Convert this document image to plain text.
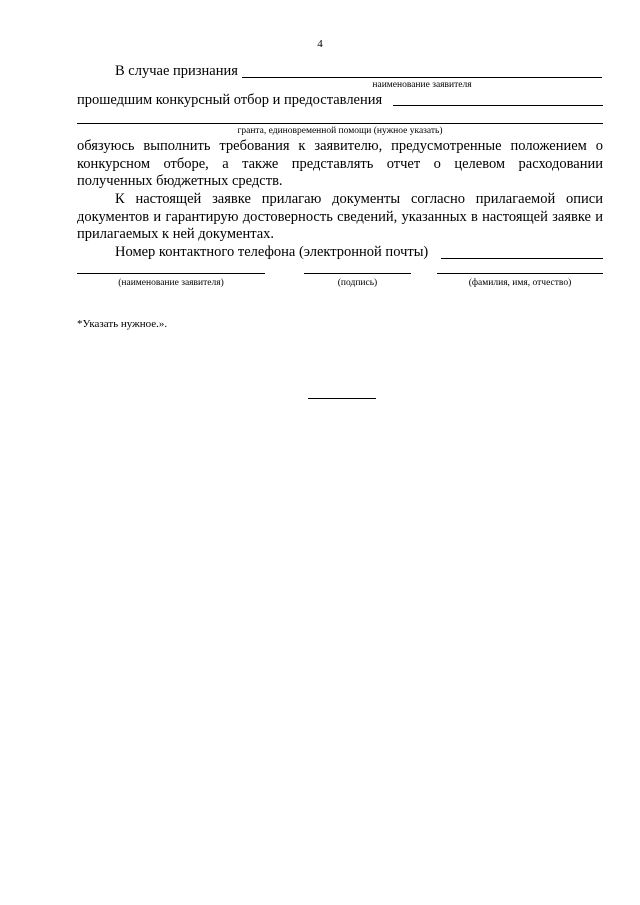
4
В случае признания
наименование заявителя
прошедшим конкурсный отбор и предоставления
гранта, единовременной помощи (нужное указать)
обязуюсь выполнить требования к заявителю, предусмотренные положением о конкурсном отборе, а также представлять отчет о целевом расходовании полученных бюджетных средств.
К настоящей заявке прилагаю документы согласно прилагаемой описи документов и гарантирую достоверность сведений, указанных в настоящей заявке и прилагаемых к ней документах.
Номер контактного телефона (электронной почты)
(наименование заявителя)	(подпись)	(фамилия, имя, отчество)
*Указать нужное.».
